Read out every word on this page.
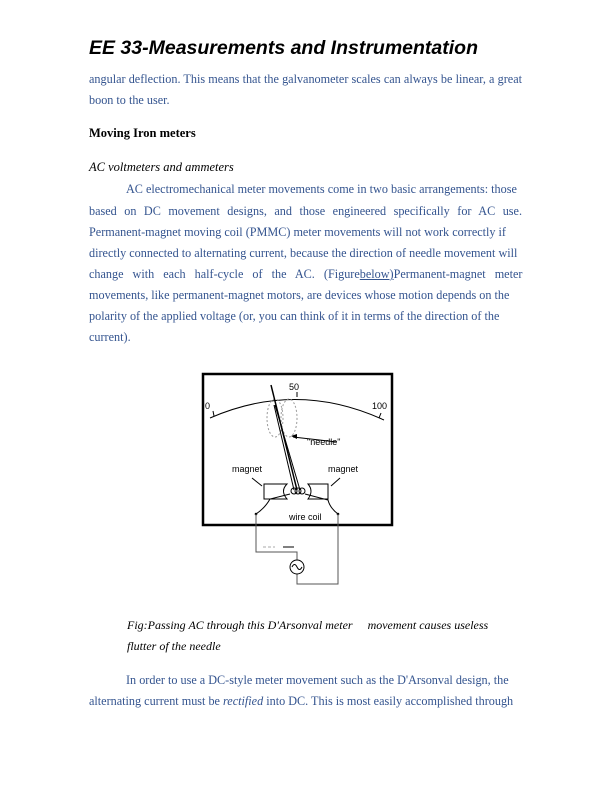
EE 33-Measurements and Instrumentation
angular deflection. This means that the galvanometer scales can always be linear, a great
boon to the user.
Moving Iron meters
AC voltmeters and ammeters
AC electromechanical meter movements come in two basic arrangements: those
based on DC movement designs, and those engineered specifically for AC use.
Permanent-magnet moving coil (PMMC) meter movements will not work correctly if
directly connected to alternating current, because the direction of needle movement will
change with each half-cycle of the AC. (Figure below) Permanent-magnet meter
movements, like permanent-magnet motors, are devices whose motion depends on the
polarity of the applied voltage (or, you can think of it in terms of the direction of the
current).
0
50
100
"needle"
magnet	magnet
wire coil
Fig:Passing AC through this D'Arsonval meter     movement causes useless
flutter of the needle
In order to use a DC-style meter movement such as the D'Arsonval design, the
alternating current must be rectified into DC. This is most easily accomplished through
